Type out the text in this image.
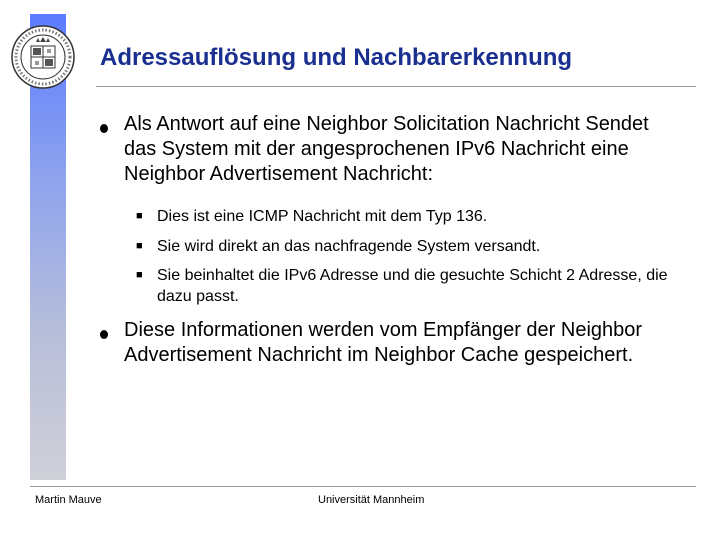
Adressauflösung und Nachbarerkennung
Als Antwort auf eine Neighbor Solicitation Nachricht Sendet das System mit der angesprochenen IPv6 Nachricht eine Neighbor Advertisement Nachricht:
■ Dies ist eine ICMP Nachricht mit dem Typ 136.
■ Sie wird direkt an das nachfragende System versandt.
■ Sie beinhaltet die IPv6 Adresse und die gesuchte Schicht 2 Adresse, die dazu passt.
Diese Informationen werden vom Empfänger der Neighbor Advertisement Nachricht im Neighbor Cache gespeichert.
Martin Mauve	Universität Mannheim
